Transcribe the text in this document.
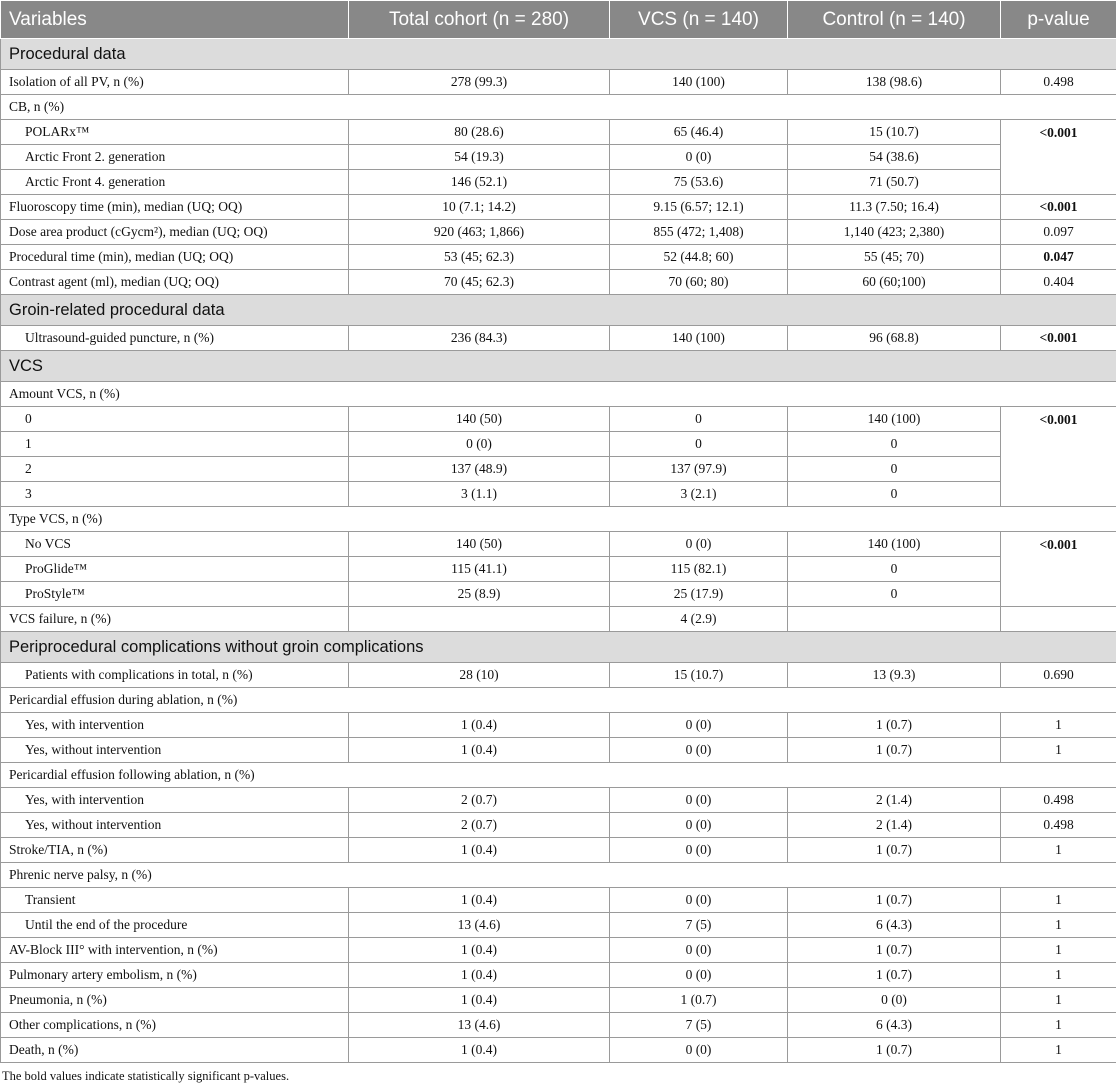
Variables	Total cohort (n = 280)	VCS (n = 140)	Control (n = 140)	p-value
Procedural data				
Isolation of all PV, n (%)	278 (99.3)	140 (100)	138 (98.6)	0.498
CB, n (%)				
POLARx™	80 (28.6)	65 (46.4)	15 (10.7)	<0.001
Arctic Front 2. generation	54 (19.3)	0 (0)	54 (38.6)	
Arctic Front 4. generation	146 (52.1)	75 (53.6)	71 (50.7)	
Fluoroscopy time (min), median (UQ; OQ)	10 (7.1; 14.2)	9.15 (6.57; 12.1)	11.3 (7.50; 16.4)	<0.001
Dose area product (cGycm²), median (UQ; OQ)	920 (463; 1,866)	855 (472; 1,408)	1,140 (423; 2,380)	0.097
Procedural time (min), median (UQ; OQ)	53 (45; 62.3)	52 (44.8; 60)	55 (45; 70)	0.047
Contrast agent (ml), median (UQ; OQ)	70 (45; 62.3)	70 (60; 80)	60 (60;100)	0.404
Groin-related procedural data				
Ultrasound-guided puncture, n (%)	236 (84.3)	140 (100)	96 (68.8)	<0.001
VCS				
Amount VCS, n (%)				
0	140 (50)	0	140 (100)	<0.001
1	0 (0)	0	0	
2	137 (48.9)	137 (97.9)	0	
3	3 (1.1)	3 (2.1)	0	
Type VCS, n (%)				
No VCS	140 (50)	0 (0)	140 (100)	<0.001
ProGlide™	115 (41.1)	115 (82.1)	0	
ProStyle™	25 (8.9)	25 (17.9)	0	
VCS failure, n (%)		4 (2.9)		
Periprocedural complications without groin complications				
Patients with complications in total, n (%)	28 (10)	15 (10.7)	13 (9.3)	0.690
Pericardial effusion during ablation, n (%)				
Yes, with intervention	1 (0.4)	0 (0)	1 (0.7)	1
Yes, without intervention	1 (0.4)	0 (0)	1 (0.7)	1
Pericardial effusion following ablation, n (%)				
Yes, with intervention	2 (0.7)	0 (0)	2 (1.4)	0.498
Yes, without intervention	2 (0.7)	0 (0)	2 (1.4)	0.498
Stroke/TIA, n (%)	1 (0.4)	0 (0)	1 (0.7)	1
Phrenic nerve palsy, n (%)				
Transient	1 (0.4)	0 (0)	1 (0.7)	1
Until the end of the procedure	13 (4.6)	7 (5)	6 (4.3)	1
AV-Block III° with intervention, n (%)	1 (0.4)	0 (0)	1 (0.7)	1
Pulmonary artery embolism, n (%)	1 (0.4)	0 (0)	1 (0.7)	1
Pneumonia, n (%)	1 (0.4)	1 (0.7)	0 (0)	1
Other complications, n (%)	13 (4.6)	7 (5)	6 (4.3)	1
Death, n (%)	1 (0.4)	0 (0)	1 (0.7)	1
The bold values indicate statistically significant p-values.
